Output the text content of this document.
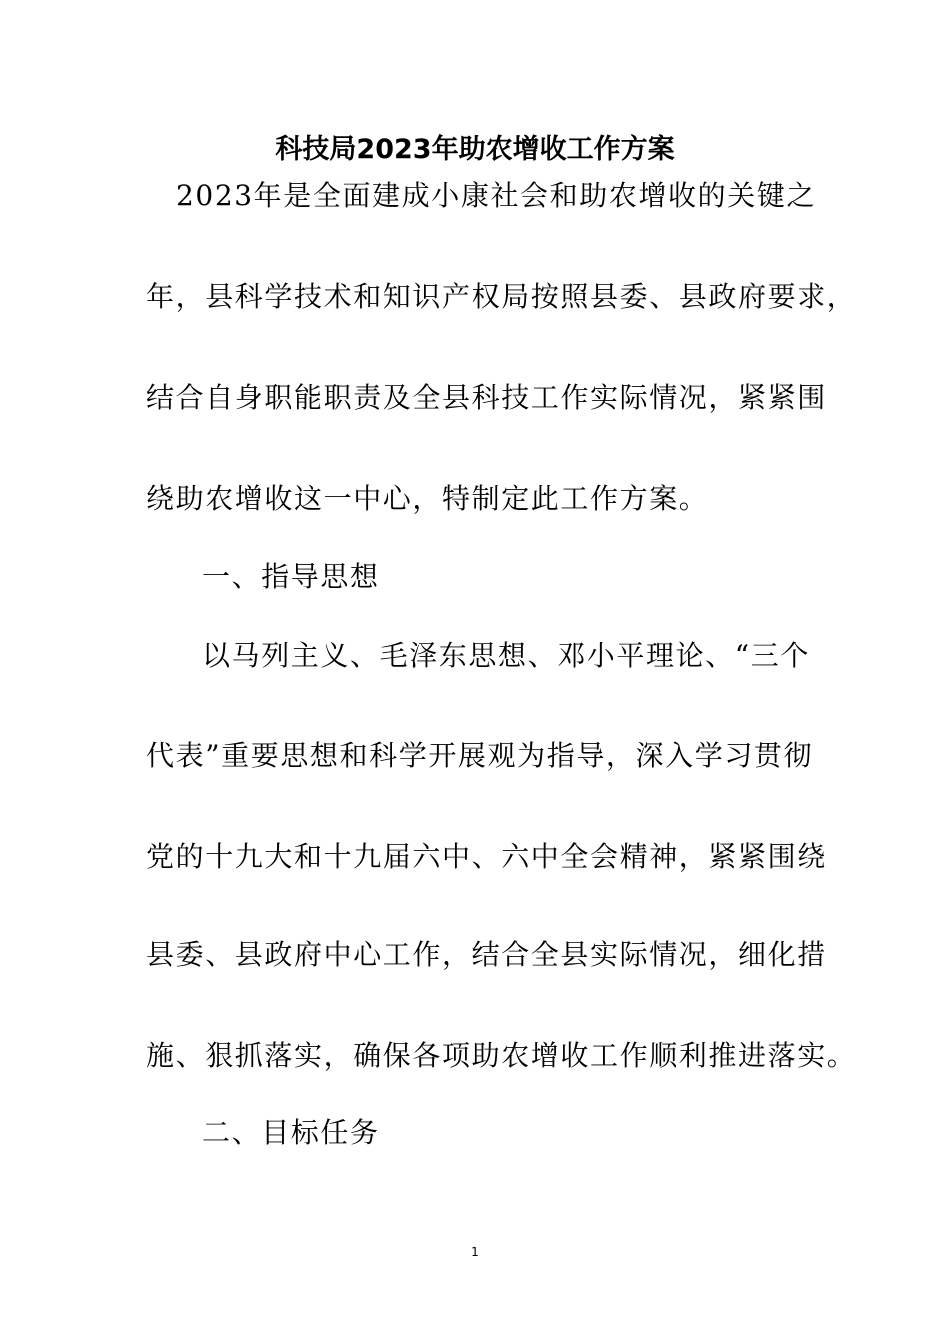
科技局2023年助农增收工作方案
2023年是全面建成小康社会和助农增收的关键之
年，县科学技术和知识产权局按照县委、县政府要求，
结合自身职能职责及全县科技工作实际情况，紧紧围
绕助农增收这一中心，特制定此工作方案。
一、指导思想
以马列主义、毛泽东思想、邓小平理论、“三个
代表”重要思想和科学开展观为指导，深入学习贯彻
党的十九大和十九届六中、六中全会精神，紧紧围绕
县委、县政府中心工作，结合全县实际情况，细化措
施、狠抓落实，确保各项助农增收工作顺利推进落实。
二、目标任务
1
